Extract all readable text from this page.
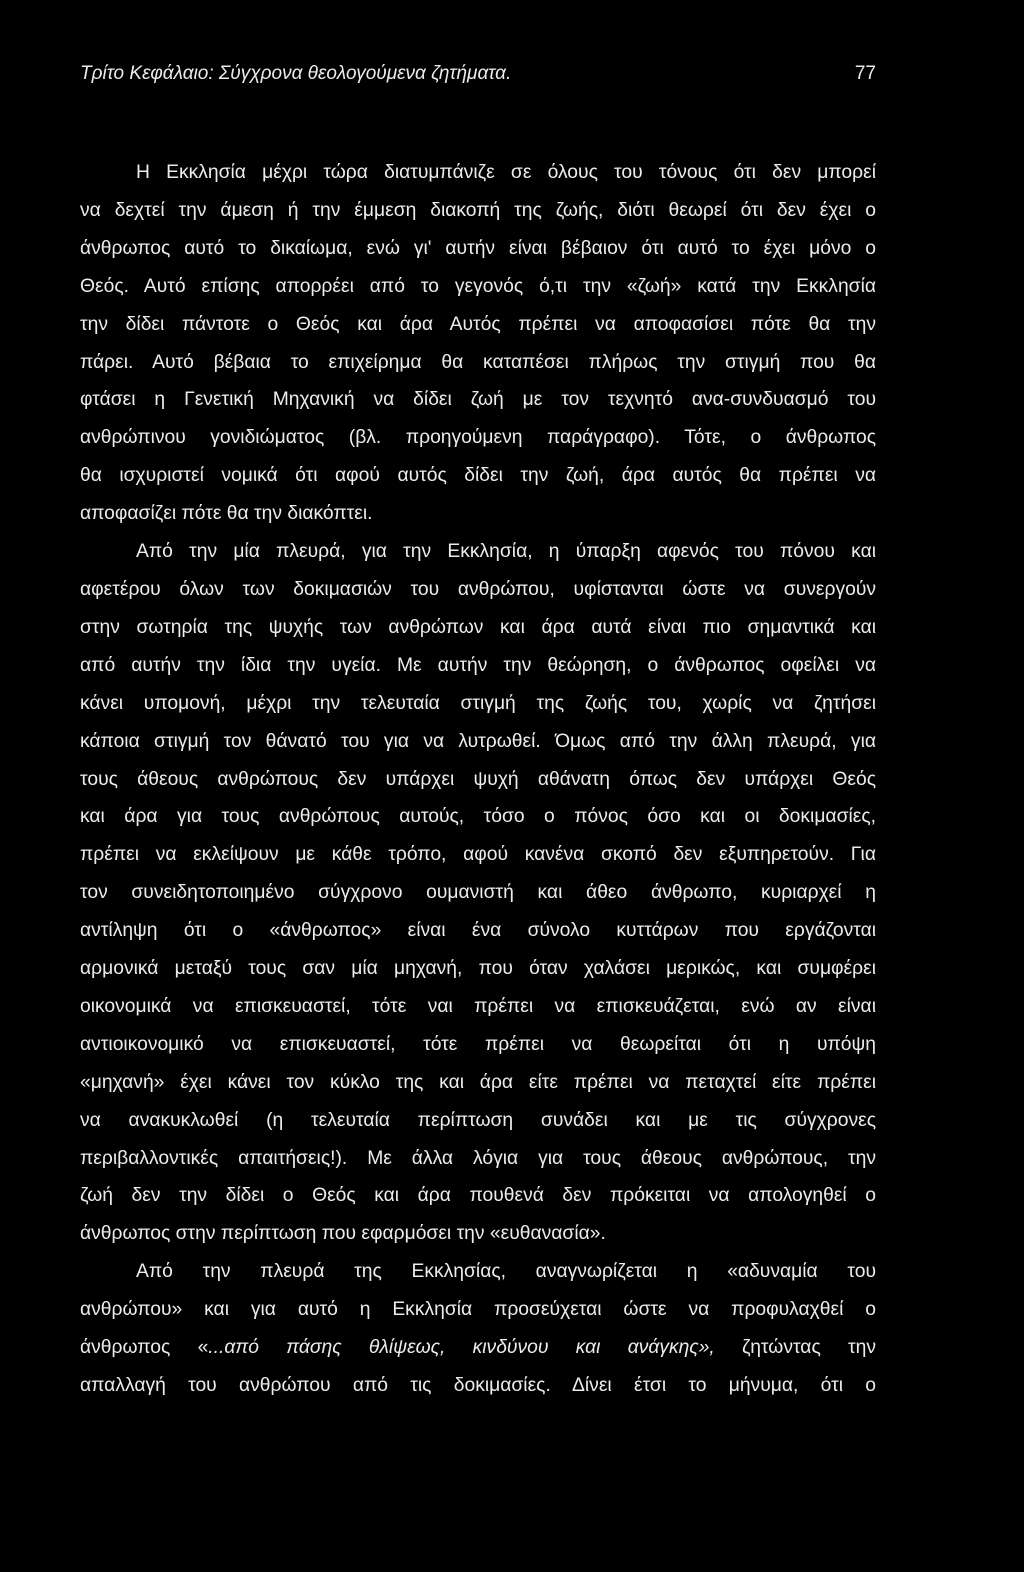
Τρίτο Κεφάλαιο: Σύγχρονα θεολογούμενα ζητήματα.	77

Η Εκκλησία μέχρι τώρα διατυμπάνιζε σε όλους του τόνους ότι δεν μπορεί
να δεχτεί την άμεση ή την έμμεση διακοπή της ζωής, διότι θεωρεί ότι δεν έχει ο
άνθρωπος αυτό το δικαίωμα, ενώ γι' αυτήν είναι βέβαιον ότι αυτό το έχει μόνο ο
Θεός. Αυτό επίσης απορρέει από το γεγονός ό,τι την «ζωή» κατά την Εκκλησία
την δίδει πάντοτε ο Θεός και άρα Αυτός πρέπει να αποφασίσει πότε θα την
πάρει. Αυτό βέβαια το επιχείρημα θα καταπέσει πλήρως την στιγμή που θα
φτάσει η Γενετική Μηχανική να δίδει ζωή με τον τεχνητό ανα-συνδυασμό του
ανθρώπινου γονιδιώματος (βλ. προηγούμενη παράγραφο). Τότε, ο άνθρωπος
θα ισχυριστεί νομικά ότι αφού αυτός δίδει την ζωή, άρα αυτός θα πρέπει να
αποφασίζει πότε θα την διακόπτει.

Από την μία πλευρά, για την Εκκλησία, η ύπαρξη αφενός του πόνου και
αφετέρου όλων των δοκιμασιών του ανθρώπου, υφίστανται ώστε να συνεργούν
στην σωτηρία της ψυχής των ανθρώπων και άρα αυτά είναι πιο σημαντικά και
από αυτήν την ίδια την υγεία. Με αυτήν την θεώρηση, ο άνθρωπος οφείλει να
κάνει υπομονή, μέχρι την τελευταία στιγμή της ζωής του, χωρίς να ζητήσει
κάποια στιγμή τον θάνατό του για να λυτρωθεί. Όμως από την άλλη πλευρά, για
τους άθεους ανθρώπους δεν υπάρχει ψυχή αθάνατη όπως δεν υπάρχει Θεός
και άρα για τους ανθρώπους αυτούς, τόσο ο πόνος όσο και οι δοκιμασίες,
πρέπει να εκλείψουν με κάθε τρόπο, αφού κανένα σκοπό δεν εξυπηρετούν. Για
τον συνειδητοποιημένο σύγχρονο ουμανιστή και άθεο άνθρωπο, κυριαρχεί η
αντίληψη ότι ο «άνθρωπος» είναι ένα σύνολο κυττάρων που εργάζονται
αρμονικά μεταξύ τους σαν μία μηχανή, που όταν χαλάσει μερικώς, και συμφέρει
οικονομικά να επισκευαστεί, τότε ναι πρέπει να επισκευάζεται, ενώ αν είναι
αντιοικονομικό να επισκευαστεί, τότε πρέπει να θεωρείται ότι η υπόψη
«μηχανή» έχει κάνει τον κύκλο της και άρα είτε πρέπει να πεταχτεί είτε πρέπει
να ανακυκλωθεί (η τελευταία περίπτωση συνάδει και με τις σύγχρονες
περιβαλλοντικές απαιτήσεις!). Με άλλα λόγια για τους άθεους ανθρώπους, την
ζωή δεν την δίδει ο Θεός και άρα πουθενά δεν πρόκειται να απολογηθεί ο
άνθρωπος στην περίπτωση που εφαρμόσει την «ευθανασία».

Από την πλευρά της Εκκλησίας, αναγνωρίζεται η «αδυναμία του
ανθρώπου» και για αυτό η Εκκλησία προσεύχεται ώστε να προφυλαχθεί ο
άνθρωπος «...από πάσης θλίψεως, κινδύνου και ανάγκης», ζητώντας την
απαλλαγή του ανθρώπου από τις δοκιμασίες. Δίνει έτσι το μήνυμα, ότι ο
